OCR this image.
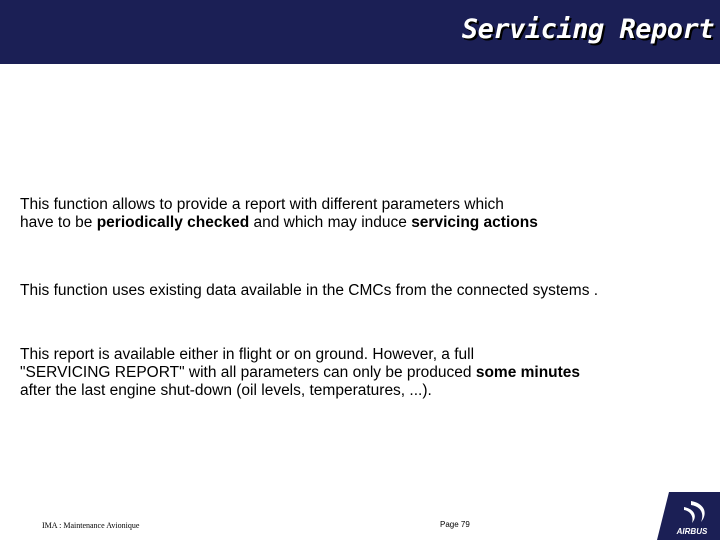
Servicing Report
This function allows to provide a report with different parameters which
have to be periodically checked and which may induce servicing actions
This function uses existing data available in the CMCs from the connected systems .
This report is available either in flight or on ground. However, a full
"SERVICING REPORT" with all parameters can only be produced some minutes
after the last engine shut-down (oil levels, temperatures, ...).
IMA : Maintenance Avionique	Page 79
AIRBUS
